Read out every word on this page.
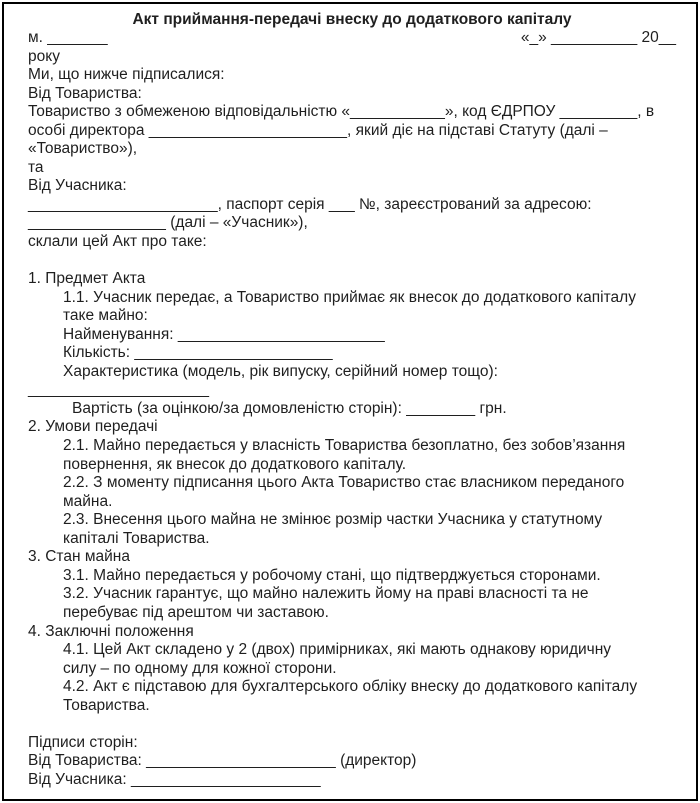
Акт приймання-передачі внеску до додаткового капіталу
м. _______	«_» __________ 20__
року
Ми, що нижче підписалися:
Від Товариства:
Товариство з обмеженою відповідальністю «___________», код ЄДРПОУ _________, в
особі директора _______________________, який діє на підставі Статуту (далі –
«Товариство»),
та
Від Учасника:
______________________, паспорт серія ___ №, зареєстрований за адресою:
________________ (далі – «Учасник»),
склали цей Акт про таке:

1. Предмет Акта
1.1. Учасник передає, а Товариство приймає як внесок до додаткового капіталу
таке майно:
Найменування: ________________________
Кількість: _______________________
Характеристика (модель, рік випуску, серійний номер тощо):
_____________________
Вартість (за оцінкою/за домовленістю сторін): ________ грн.
2. Умови передачі
2.1. Майно передається у власність Товариства безоплатно, без зобов’язання
повернення, як внесок до додаткового капіталу.
2.2. З моменту підписання цього Акта Товариство стає власником переданого
майна.
2.3. Внесення цього майна не змінює розмір частки Учасника у статутному
капіталі Товариства.
3. Стан майна
3.1. Майно передається у робочому стані, що підтверджується сторонами.
3.2. Учасник гарантує, що майно належить йому на праві власності та не
перебуває під арештом чи заставою.
4. Заключні положення
4.1. Цей Акт складено у 2 (двох) примірниках, які мають однакову юридичну
силу – по одному для кожної сторони.
4.2. Акт є підставою для бухгалтерського обліку внеску до додаткового капіталу
Товариства.

Підписи сторін:
Від Товариства: ______________________ (директор)
Від Учасника: ______________________
